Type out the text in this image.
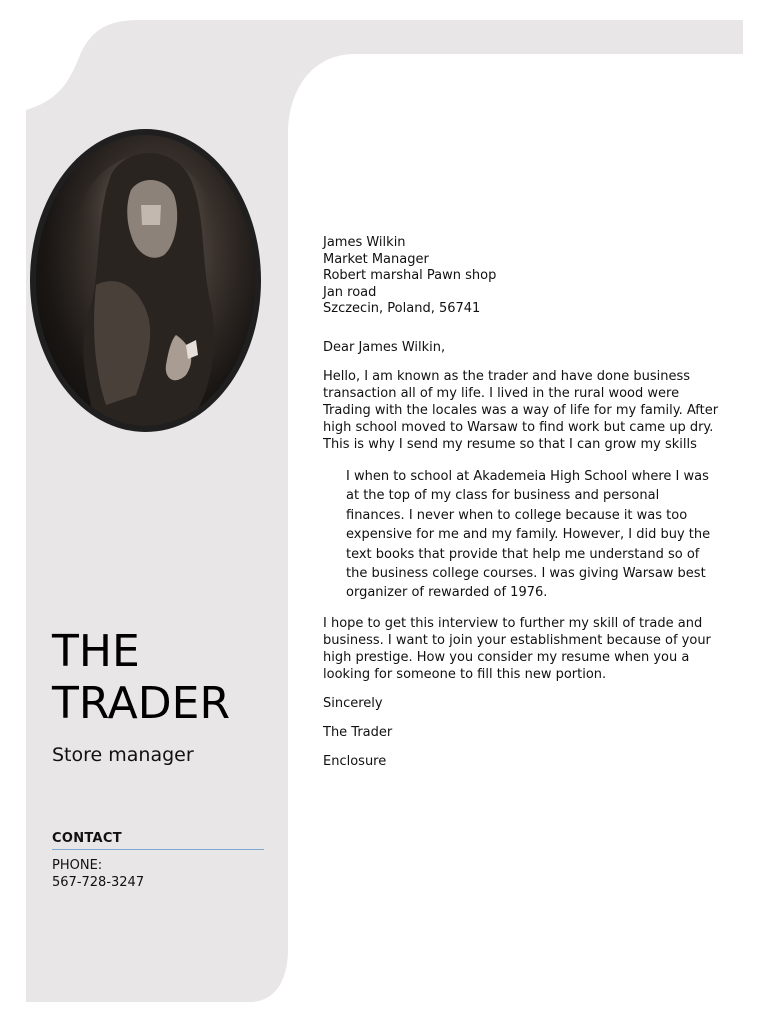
THE
TRADER
Store manager
CONTACT
PHONE:
567-728-3247

James Wilkin

Market Manager

Robert marshal Pawn shop

Jan road

Szczecin, Poland, 56741

Dear James Wilkin,

Hello, I am known as the trader and have done business transaction all of my life. I lived in the rural wood were Trading with the locales was a way of life for my family. After high school moved to Warsaw to find work but came up dry. This is why I send my resume so that I can grow my skills

I when to school at Akademeia High School where I was at the top of my class for business and personal finances. I never when to college because it was too expensive for me and my family. However, I did buy the text books that provide that help me understand so of the business college courses. I was giving Warsaw best organizer of rewarded of 1976.

I hope to get this interview to further my skill of trade and business. I want to join your establishment because of your high prestige. How you consider my resume when you a looking for someone to fill this new portion.

Sincerely

The Trader

Enclosure
